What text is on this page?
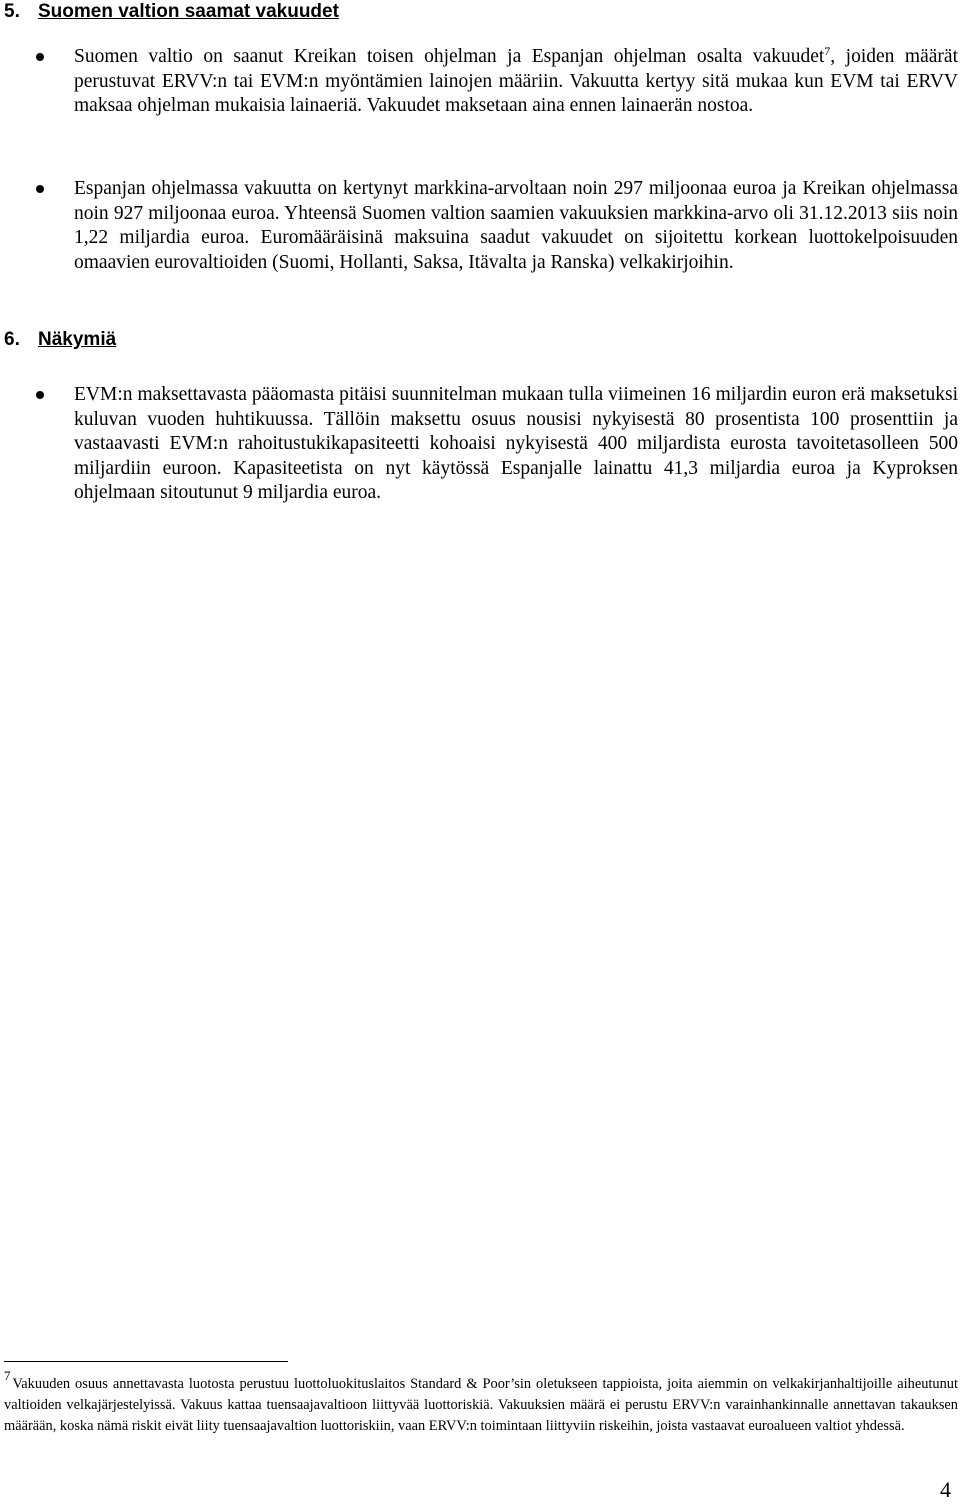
5. Suomen valtion saamat vakuudet
Suomen valtio on saanut Kreikan toisen ohjelman ja Espanjan ohjelman osalta vakuudet$^7$, joiden määrät perustuvat ERVV:n tai EVM:n myöntämien lainojen määriin. Vakuutta kertyy sitä mukaa kun EVM tai ERVV maksaa ohjelman mukaisia lainaeriä. Vakuudet maksetaan aina ennen lainaerän nostoa.
Espanjan ohjelmassa vakuutta on kertynyt markkina-arvoltaan noin 297 miljoonaa euroa ja Kreikan ohjelmassa noin 927 miljoonaa euroa. Yhteensä Suomen valtion saamien vakuuksien markkina-arvo oli 31.12.2013 siis noin 1,22 miljardia euroa. Euromääräisinä maksuina saadut vakuudet on sijoitettu korkean luottokelpoisuuden omaavien eurovaltioiden (Suomi, Hollanti, Saksa, Itävalta ja Ranska) velkakirjoihin.
6. Näkymiä
EVM:n maksettavasta pääomasta pitäisi suunnitelman mukaan tulla viimeinen 16 miljardin euron erä maksetuksi kuluvan vuoden huhtikuussa. Tällöin maksettu osuus nousisi nykyisestä 80 prosentista 100 prosenttiin ja vastaavasti EVM:n rahoitustukikapasiteetti kohoaisi nykyisestä 400 miljardista eurosta tavoitetasolleen 500 miljardiin euroon. Kapasiteetista on nyt käytössä Espanjalle lainattu 41,3 miljardia euroa ja Kyproksen ohjelmaan sitoutunut 9 miljardia euroa.

7Vakuuden osuus annettavasta luotosta perustuu luottoluokituslaitos Standard & Poor’sin oletukseen tappioista, joita aiemmin on velkakirjanhaltijoille aiheutunut valtioiden velkajärjestelyissä. Vakuus kattaa tuensaajavaltioon liittyvää luottoriskiä. Vakuuksien määrä ei perustu ERVV:n varainhankinnalle annettavan takauksen määrään, koska nämä riskit eivät liity tuensaajavaltion luottoriskiin, vaan ERVV:n toimintaan liittyviin riskeihin, joista vastaavat euroalueen valtiot yhdessä.

4
